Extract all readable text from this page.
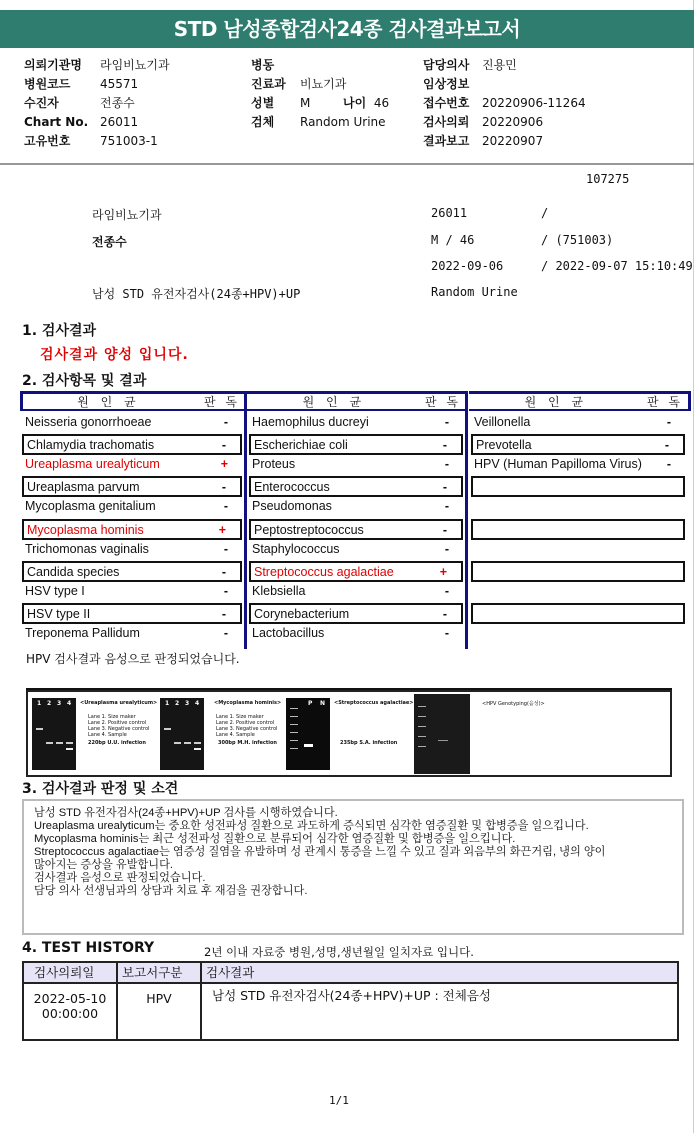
STD 남성종합검사24종 검사결과보고서
의뢰기관명 라임비뇨기과
병원코드 45571
수진자	전종수
Chart No. 26011
고유번호 751003-1
병동
진료과 비뇨기과
성별 M
검체 Random Urine
담당의사 진용민
임상정보
접수번호 20220906-11264
검사의뢰 20220906
결과보고 20220907
나이 46
107275
라임비뇨기과	26011	/
전종수	M / 46	/ (751003)
2022-09-06	/ 2022-09-07 15:10:49
남성 STD 유전자검사(24종+HPV)+UP	Random Urine
1. 검사결과
검사결과 양성 입니다.
2. 검사항목 및 결과
원 인 균	판 독
Neisseria gonorrhoeae	-
Chlamydia trachomatis	-
Ureaplasma urealyticum	+
Ureaplasma parvum	-
Mycoplasma genitalium	-
Mycoplasma hominis	+
Trichomonas vaginalis	-
Candida species	-
HSV type I	-
HSV type II	-
Treponema Pallidum	-
원 인 균	판 독
Haemophilus ducreyi	-
Escherichiae coli	-
Proteus	-
Enterococcus	-
Pseudomonas	-
Peptostreptococcus	-
Staphylococcus	-
Streptococcus agalactiae	+
Klebsiella	-
Corynebacterium	-
Lactobacillus	-
원 인 균	판 독
Veillonella	-
Prevotella	-
HPV (Human Papilloma Virus) -
HPV 검사결과 음성으로 판정되었습니다.
<Ureaplasma urealyticum>
220bp U.U. infection
<Mycoplasma hominis>
300bp M.H. infection
<Streptococcus agalactiae>
235bp S.A. infection
<HPV Genotyping(음성)>
1 2 3 4	1 2 3 4
Lane 1. Size maker	Lane 1. Size maker
Lane 2. Positive control	Lane 2. Positive control
Lane 3. Negative control	Lane 3. Negative control
Lane 4. Sample	Lane 4. Sample
P N
3. 검사결과 판정 및 소견
남성 STD 유전자검사(24종+HPV)+UP 검사를 시행하였습니다.
Ureaplasma urealyticum는 중요한 성전파성 질환으로 과도하게 증식되면 심각한 염증질환 및 합병증을 일으킵니다.
Mycoplasma hominis는 최근 성전파성 질환으로 분류되어 심각한 염증질환 및 합병증을 일으킵니다.
Streptococcus agalactiae는 염증성 질염을 유발하며 성 관계시 통증을 느낄 수 있고 질과 외음부의 화끈거림, 냉의 양이
많아지는 증상을 유발합니다.
검사결과 음성으로 판정되었습니다.
담당 의사 선생님과의 상담과 치료 후 재검을 권장합니다.
4. TEST HISTORY	2년 이내 자료중 병원,성명,생년월일 일치자료 입니다.
검사의뢰일	보고서구분	검사결과
2022-05-10
00:00:00
HPV	남성 STD 유전자검사(24종+HPV)+UP : 전체음성
1/1
